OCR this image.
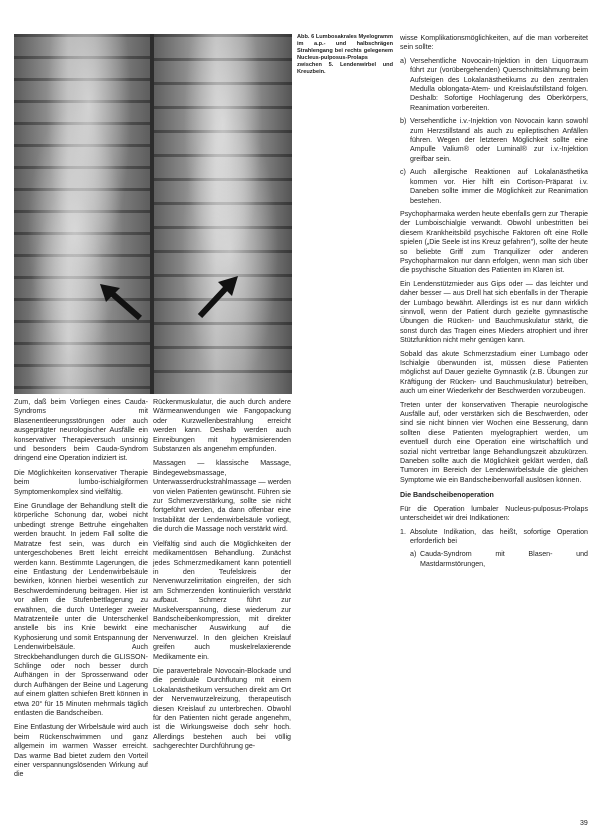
Abb. 6 Lumbosakrales Myelogramm im a.p.- und halbschrägen Strahlengang bei rechts gelegenem Nucleus-pulposus-Prolaps zwischen 5. Lendenwirbel und Kreuzbein.

Zum, daß beim Vorliegen eines Cauda-Syndroms mit Blasenentleerungsstörungen oder auch ausgeprägter neurologischer Ausfälle ein konservativer Therapieversuch unsinnig und besonders beim Cauda-Syndrom dringend eine Operation indiziert ist.

Die Möglichkeiten konservativer Therapie beim lumbo-ischialgiformen Symptomenkomplex sind vielfältig.

Eine Grundlage der Behandlung stellt die körperliche Schonung dar, wobei nicht unbedingt strenge Bettruhe eingehalten werden braucht. In jedem Fall sollte die Matratze fest sein, was durch ein untergeschobenes Brett leicht erreicht werden kann. Bestimmte Lagerungen, die eine Entlastung der Lendenwirbelsäule bewirken, können hierbei wesentlich zur Beschwerdeminderung beitragen. Hier ist vor allem die Stufenbettlagerung zu erwähnen, die durch Unterleger zweier Matratzenteile unter die Unterschenkel anstelle bis ins Knie bewirkt eine Kyphosierung und somit Entspannung der Lendenwirbelsäule. Auch Streckbehandlungen durch die GLISSON-Schlinge oder noch besser durch Aufhängen in der Sprossenwand oder durch Aufhängen der Beine und Lagerung auf einem glatten schiefen Brett können in etwa 20° für 15 Minuten mehrmals täglich entlasten die Bandscheiben.

Eine Entlastung der Wirbelsäule wird auch beim Rückenschwimmen und ganz allgemein im warmen Wasser erreicht. Das warme Bad bietet zudem den Vorteil einer verspannungslösenden Wirkung auf die

Rückenmuskulatur, die auch durch andere Wärmeanwendungen wie Fangopackung oder Kurzwellenbestrahlung erreicht werden kann. Deshalb werden auch Einreibungen mit hyperämisierenden Substanzen als angenehm empfunden.

Massagen — klassische Massage, Bindegewebsmassage, Unterwasserdruckstrahlmassage — werden von vielen Patienten gewünscht. Führen sie zur Schmerzverstärkung, sollte sie nicht fortgeführt werden, da dann offenbar eine Instabilität der Lendenwirbelsäule vorliegt, die durch die Massage noch verstärkt wird.

Vielfältig sind auch die Möglichkeiten der medikamentösen Behandlung. Zunächst jedes Schmerzmedikament kann potentiell in den Teufelskreis der Nervenwurzelirritation eingreifen, der sich am Schmerzenden kontinuierlich verstärkt aufbaut. Schmerz führt zur Muskelverspannung, diese wiederum zur Bandscheibenkompression, mit direkter mechanischer Auswirkung auf die Nervenwurzel. In den gleichen Kreislauf greifen auch muskelrelaxierende Medikamente ein.

Die paravertebrale Novocain-Blockade und die periduale Durchflutung mit einem Lokalanästhetikum versuchen direkt am Ort der Nervenwurzelreizung, therapeutisch diesen Kreislauf zu unterbrechen. Obwohl für den Patienten nicht gerade angenehm, ist die Wirkungsweise doch sehr hoch. Allerdings bestehen auch bei völlig sachgerechter Durchführung ge-

wisse Komplikationsmöglichkeiten, auf die man vorbereitet sein sollte:

a) Versehentliche Novocain-Injektion in den Liquorraum führt zur (vorübergehenden) Querschnittslähmung beim Aufsteigen des Lokalanästhetikums zu den zentralen Medulla oblongata-Atem- und Kreislaufstillstand folgen. Deshalb: Sofortige Hochlagerung des Oberkörpers, Reanimation vorbereiten.
b) Versehentliche i.v.-Injektion von Novocain kann sowohl zum Herzstillstand als auch zu epileptischen Anfällen führen. Wegen der letzteren Möglichkeit sollte eine Ampulle Valium® oder Luminal® zur i.v.-Injektion greifbar sein.
c) Auch allergische Reaktionen auf Lokalanästhetika kommen vor. Hier hilft ein Cortison-Präparat i.v. Daneben sollte immer die Möglichkeit zur Reanimation bestehen.

Psychopharmaka werden heute ebenfalls gern zur Therapie der Lumboischialgie verwandt. Obwohl unbestritten bei diesem Krankheitsbild psychische Faktoren oft eine Rolle spielen („Die Seele ist ins Kreuz gefahren"), sollte der heute so beliebte Griff zum Tranquilizer oder anderen Psychopharmakon nur dann erfolgen, wenn man sich über die psychische Situation des Patienten im Klaren ist.

Ein Lendenstützmieder aus Gips oder — das leichter und daher besser — aus Drell hat sich ebenfalls in der Therapie der Lumbago bewährt. Allerdings ist es nur dann wirklich sinnvoll, wenn der Patient durch gezielte gymnastische Übungen die Rücken- und Bauchmuskulatur stärkt, die sonst durch das Tragen eines Mieders atrophiert und ihrer Stützfunktion nicht mehr genügen kann.

Sobald das akute Schmerzstadium einer Lumbago oder Ischialgie überwunden ist, müssen diese Patienten möglichst auf Dauer gezielte Gymnastik (z.B. Übungen zur Kräftigung der Rücken- und Bauchmuskulatur) betreiben, auch um einer Wiederkehr der Beschwerden vorzubeugen.

Treten unter der konservativen Therapie neurologische Ausfälle auf, oder verstärken sich die Beschwerden, oder sind sie nicht binnen vier Wochen eine Besserung, dann sollten diese Patienten myelographiert werden, um eventuell durch eine Operation eine wirtschaftlich und sozial nicht vertretbar lange Behandlungszeit abzukürzen. Daneben sollte auch die Möglichkeit geklärt werden, daß Tumoren im Bereich der Lendenwirbelsäule die gleichen Symptome wie ein Bandscheibenvorfall auslösen können.

Die Bandscheibenoperation

Für die Operation lumbaler Nucleus-pulposus-Prolaps unterscheidet wir drei Indikationen:

1. Absolute Indikation, das heißt, sofortige Operation erforderlich bei
a) Cauda-Syndrom mit Blasen- und Mastdarmstörungen,
39
